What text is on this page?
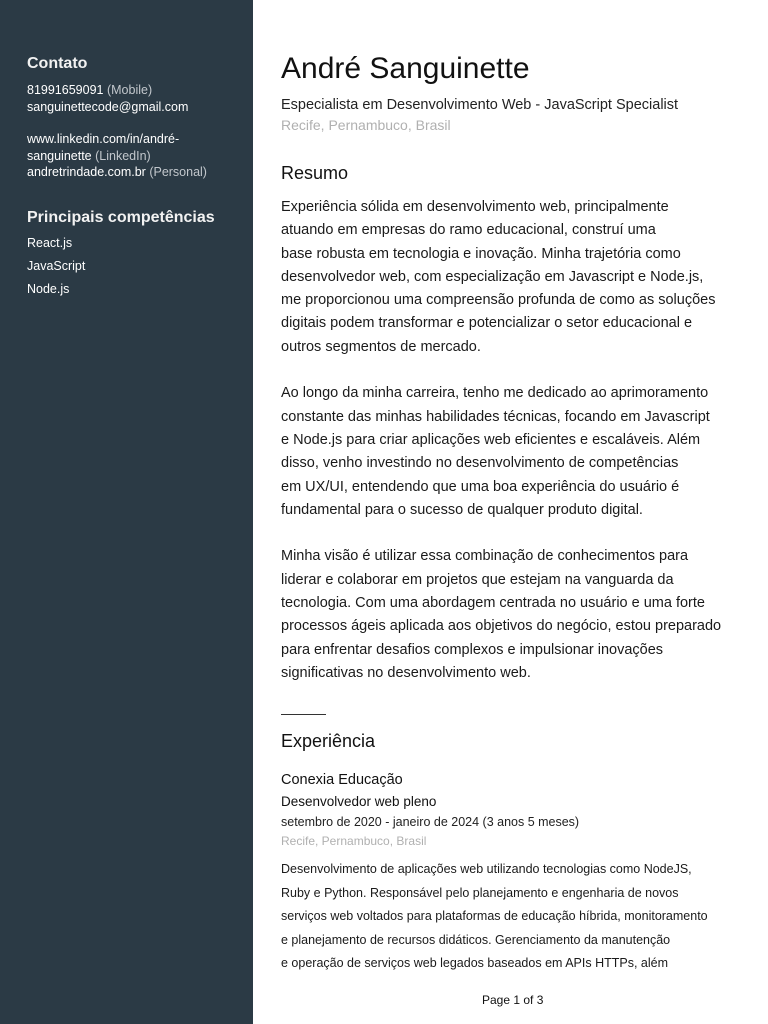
Contato
81991659091 (Mobile)
sanguinettecode@gmail.com
www.linkedin.com/in/andré-
sanguinette (LinkedIn)
andretrindade.com.br (Personal)
Principais competências
React.js
JavaScript
Node.js
André Sanguinette
Especialista em Desenvolvimento Web - JavaScript Specialist
Recife, Pernambuco, Brasil
Resumo

Experiência sólida em desenvolvimento web, principalmente
atuando em empresas do ramo educacional, construí uma
base robusta em tecnologia e inovação. Minha trajetória como
desenvolvedor web, com especialização em Javascript e Node.js,
me proporcionou uma compreensão profunda de como as soluções
digitais podem transformar e potencializar o setor educacional e
outros segmentos de mercado.

Ao longo da minha carreira, tenho me dedicado ao aprimoramento
constante das minhas habilidades técnicas, focando em Javascript
e Node.js para criar aplicações web eficientes e escaláveis. Além
disso, venho investindo no desenvolvimento de competências
em UX/UI, entendendo que uma boa experiência do usuário é
fundamental para o sucesso de qualquer produto digital.

Minha visão é utilizar essa combinação de conhecimentos para
liderar e colaborar em projetos que estejam na vanguarda da
tecnologia. Com uma abordagem centrada no usuário e uma forte
processos ágeis aplicada aos objetivos do negócio, estou preparado
para enfrentar desafios complexos e impulsionar inovações
significativas no desenvolvimento web.

Experiência
Conexia Educação
Desenvolvedor web pleno
setembro de 2020 - janeiro de 2024 (3 anos 5 meses)
Recife, Pernambuco, Brasil
Desenvolvimento de aplicações web utilizando tecnologias como NodeJS,
Ruby e Python. Responsável pelo planejamento e engenharia de novos
serviços web voltados para plataformas de educação híbrida, monitoramento
e planejamento de recursos didáticos. Gerenciamento da manutenção
e operação de serviços web legados baseados em APIs HTTPs, além
Page 1 of 3
